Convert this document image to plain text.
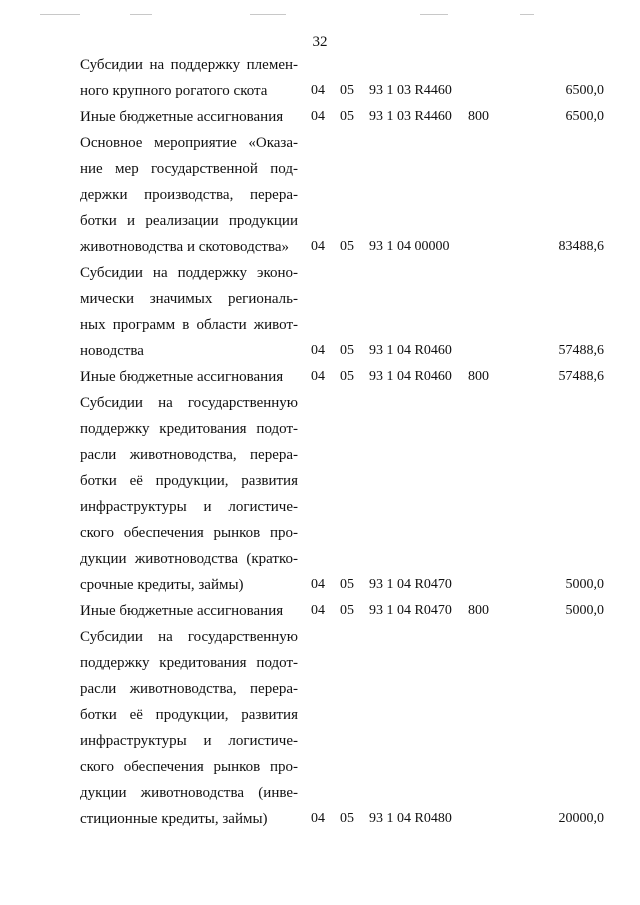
32
Субсидии на поддержку племен-
ного крупного рогатого скота	04 05 93 1 03 R4460	6500,0
Иные бюджетные ассигнования	04 05 93 1 03 R4460 800	6500,0
Основное мероприятие «Оказа-
ние мер государственной под-
держки производства, перера-
ботки и реализации продукции
животноводства и скотоводства»	04 05 93 1 04 00000	83488,6
Субсидии на поддержку эконо-
мически значимых региональ-
ных программ в области живот-
новодства	04 05 93 1 04 R0460	57488,6
Иные бюджетные ассигнования	04 05 93 1 04 R0460 800	57488,6
Субсидии на государственную
поддержку кредитования подот-
расли животноводства, перера-
ботки её продукции, развития
инфраструктуры и логистиче-
ского обеспечения рынков про-
дукции животноводства (кратко-
срочные кредиты, займы)	04 05 93 1 04 R0470	5000,0
Иные бюджетные ассигнования	04 05 93 1 04 R0470 800	5000,0
Субсидии на государственную
поддержку кредитования подот-
расли животноводства, перера-
ботки её продукции, развития
инфраструктуры и логистиче-
ского обеспечения рынков про-
дукции животноводства (инве-
стиционные кредиты, займы)	04 05 93 1 04 R0480	20000,0
